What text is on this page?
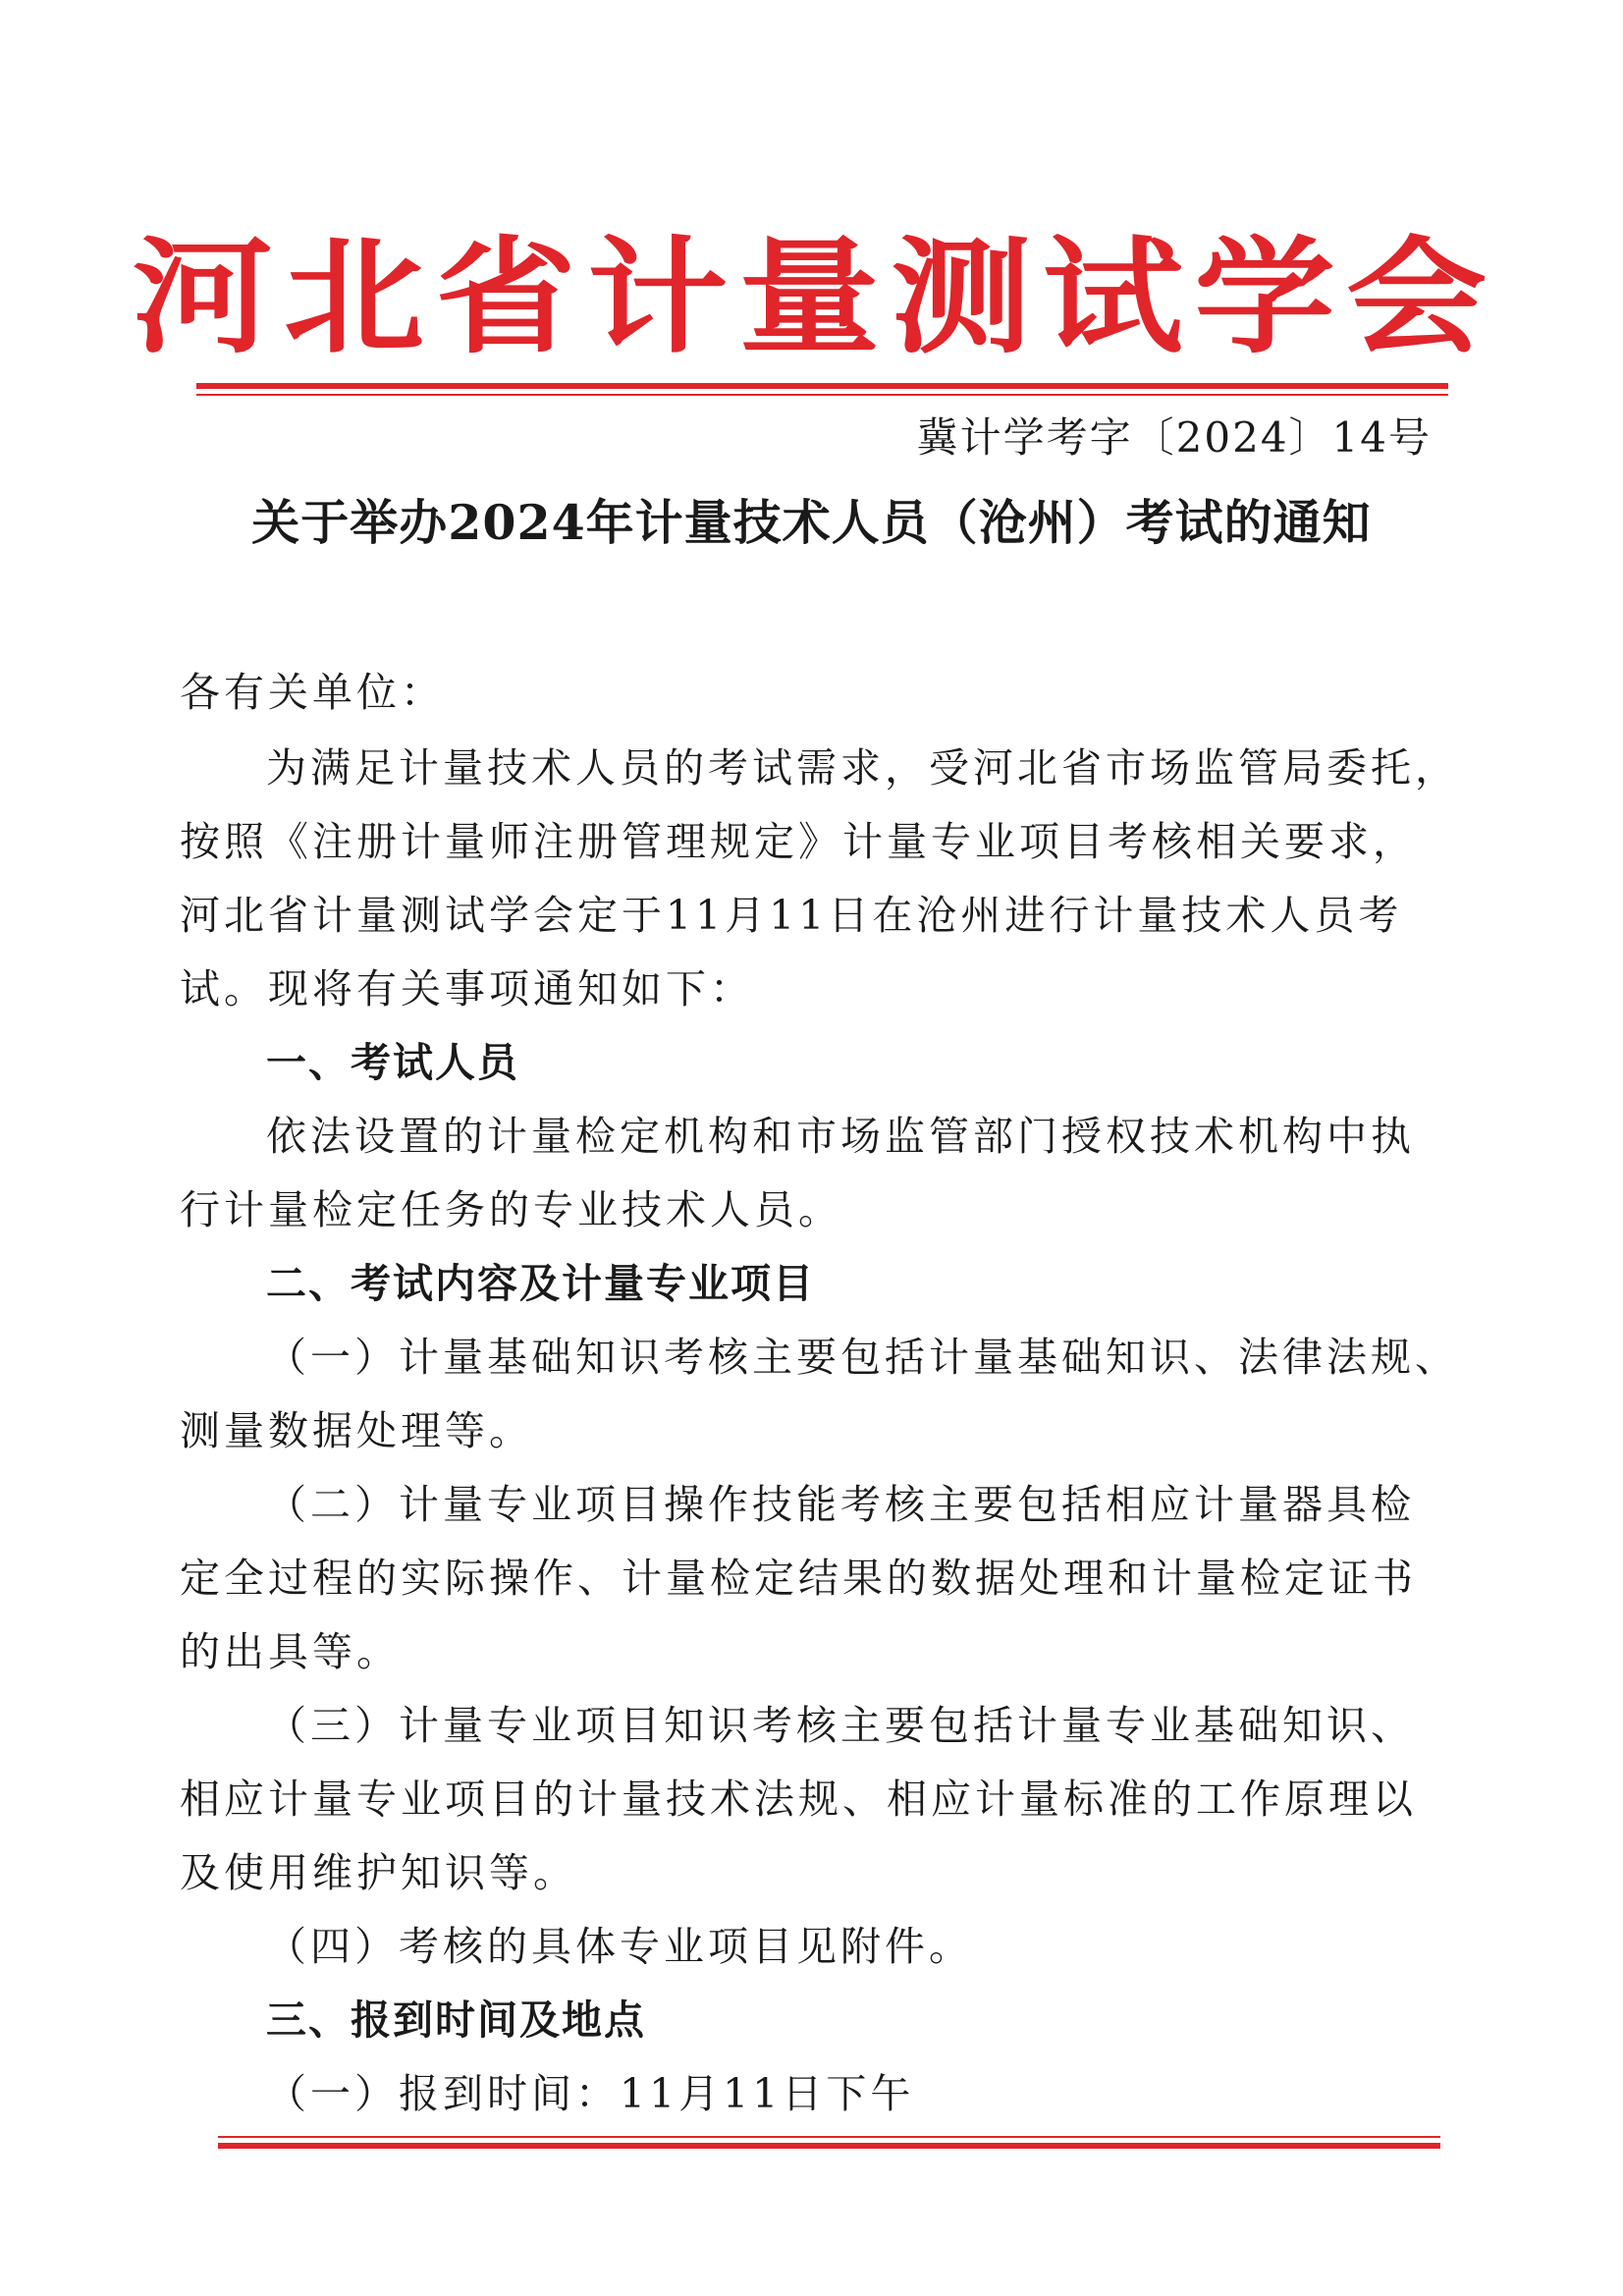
河北省计量测试学会
冀计学考字〔2024〕14号
关于举办2024年计量技术人员（沧州）考试的通知
各有关单位：
为满足计量技术人员的考试需求，受河北省市场监管局委托，
按照《注册计量师注册管理规定》计量专业项目考核相关要求，
河北省计量测试学会定于11月11日在沧州进行计量技术人员考
试。现将有关事项通知如下：
一、考试人员
依法设置的计量检定机构和市场监管部门授权技术机构中执
行计量检定任务的专业技术人员。
二、考试内容及计量专业项目
（一）计量基础知识考核主要包括计量基础知识、法律法规、
测量数据处理等。
（二）计量专业项目操作技能考核主要包括相应计量器具检
定全过程的实际操作、计量检定结果的数据处理和计量检定证书
的出具等。
（三）计量专业项目知识考核主要包括计量专业基础知识、
相应计量专业项目的计量技术法规、相应计量标准的工作原理以
及使用维护知识等。
（四）考核的具体专业项目见附件。
三、报到时间及地点
（一）报到时间：11月11日下午
